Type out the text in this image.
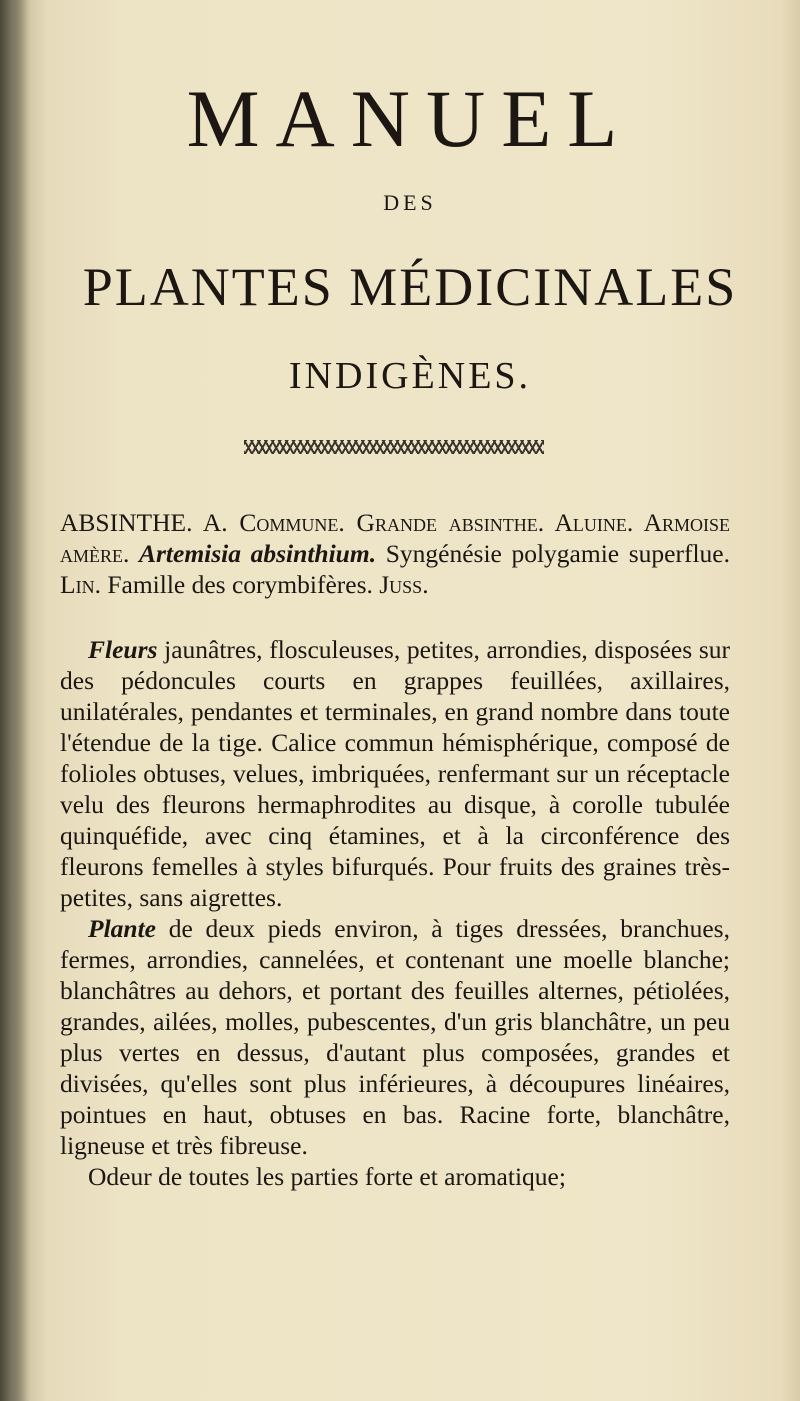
MANUEL
DES
PLANTES MÉDICINALES
INDIGÈNES.

ABSINTHE. A. Commune. Grande absinthe. Aluine. Armoise amère. Artemisia absinthium. Syngénésie polygamie superflue. Lin. Famille des corymbifères. Juss.

Fleurs jaunâtres, flosculeuses, petites, arrondies, disposées sur des pédoncules courts en grappes feuillées, axillaires, unilatérales, pendantes et terminales, en grand nombre dans toute l'étendue de la tige. Calice commun hémisphérique, composé de folioles obtuses, velues, imbriquées, renfermant sur un réceptacle velu des fleurons hermaphrodites au disque, à corolle tubulée quinquéfide, avec cinq étamines, et à la circonférence des fleurons femelles à styles bifurqués. Pour fruits des graines très-petites, sans aigrettes.

Plante de deux pieds environ, à tiges dressées, branchues, fermes, arrondies, cannelées, et contenant une moelle blanche; blanchâtres au dehors, et portant des feuilles alternes, pétiolées, grandes, ailées, molles, pubescentes, d'un gris blanchâtre, un peu plus vertes en dessus, d'autant plus composées, grandes et divisées, qu'elles sont plus inférieures, à découpures linéaires, pointues en haut, obtuses en bas. Racine forte, blanchâtre, ligneuse et très fibreuse.

Odeur de toutes les parties forte et aromatique;
